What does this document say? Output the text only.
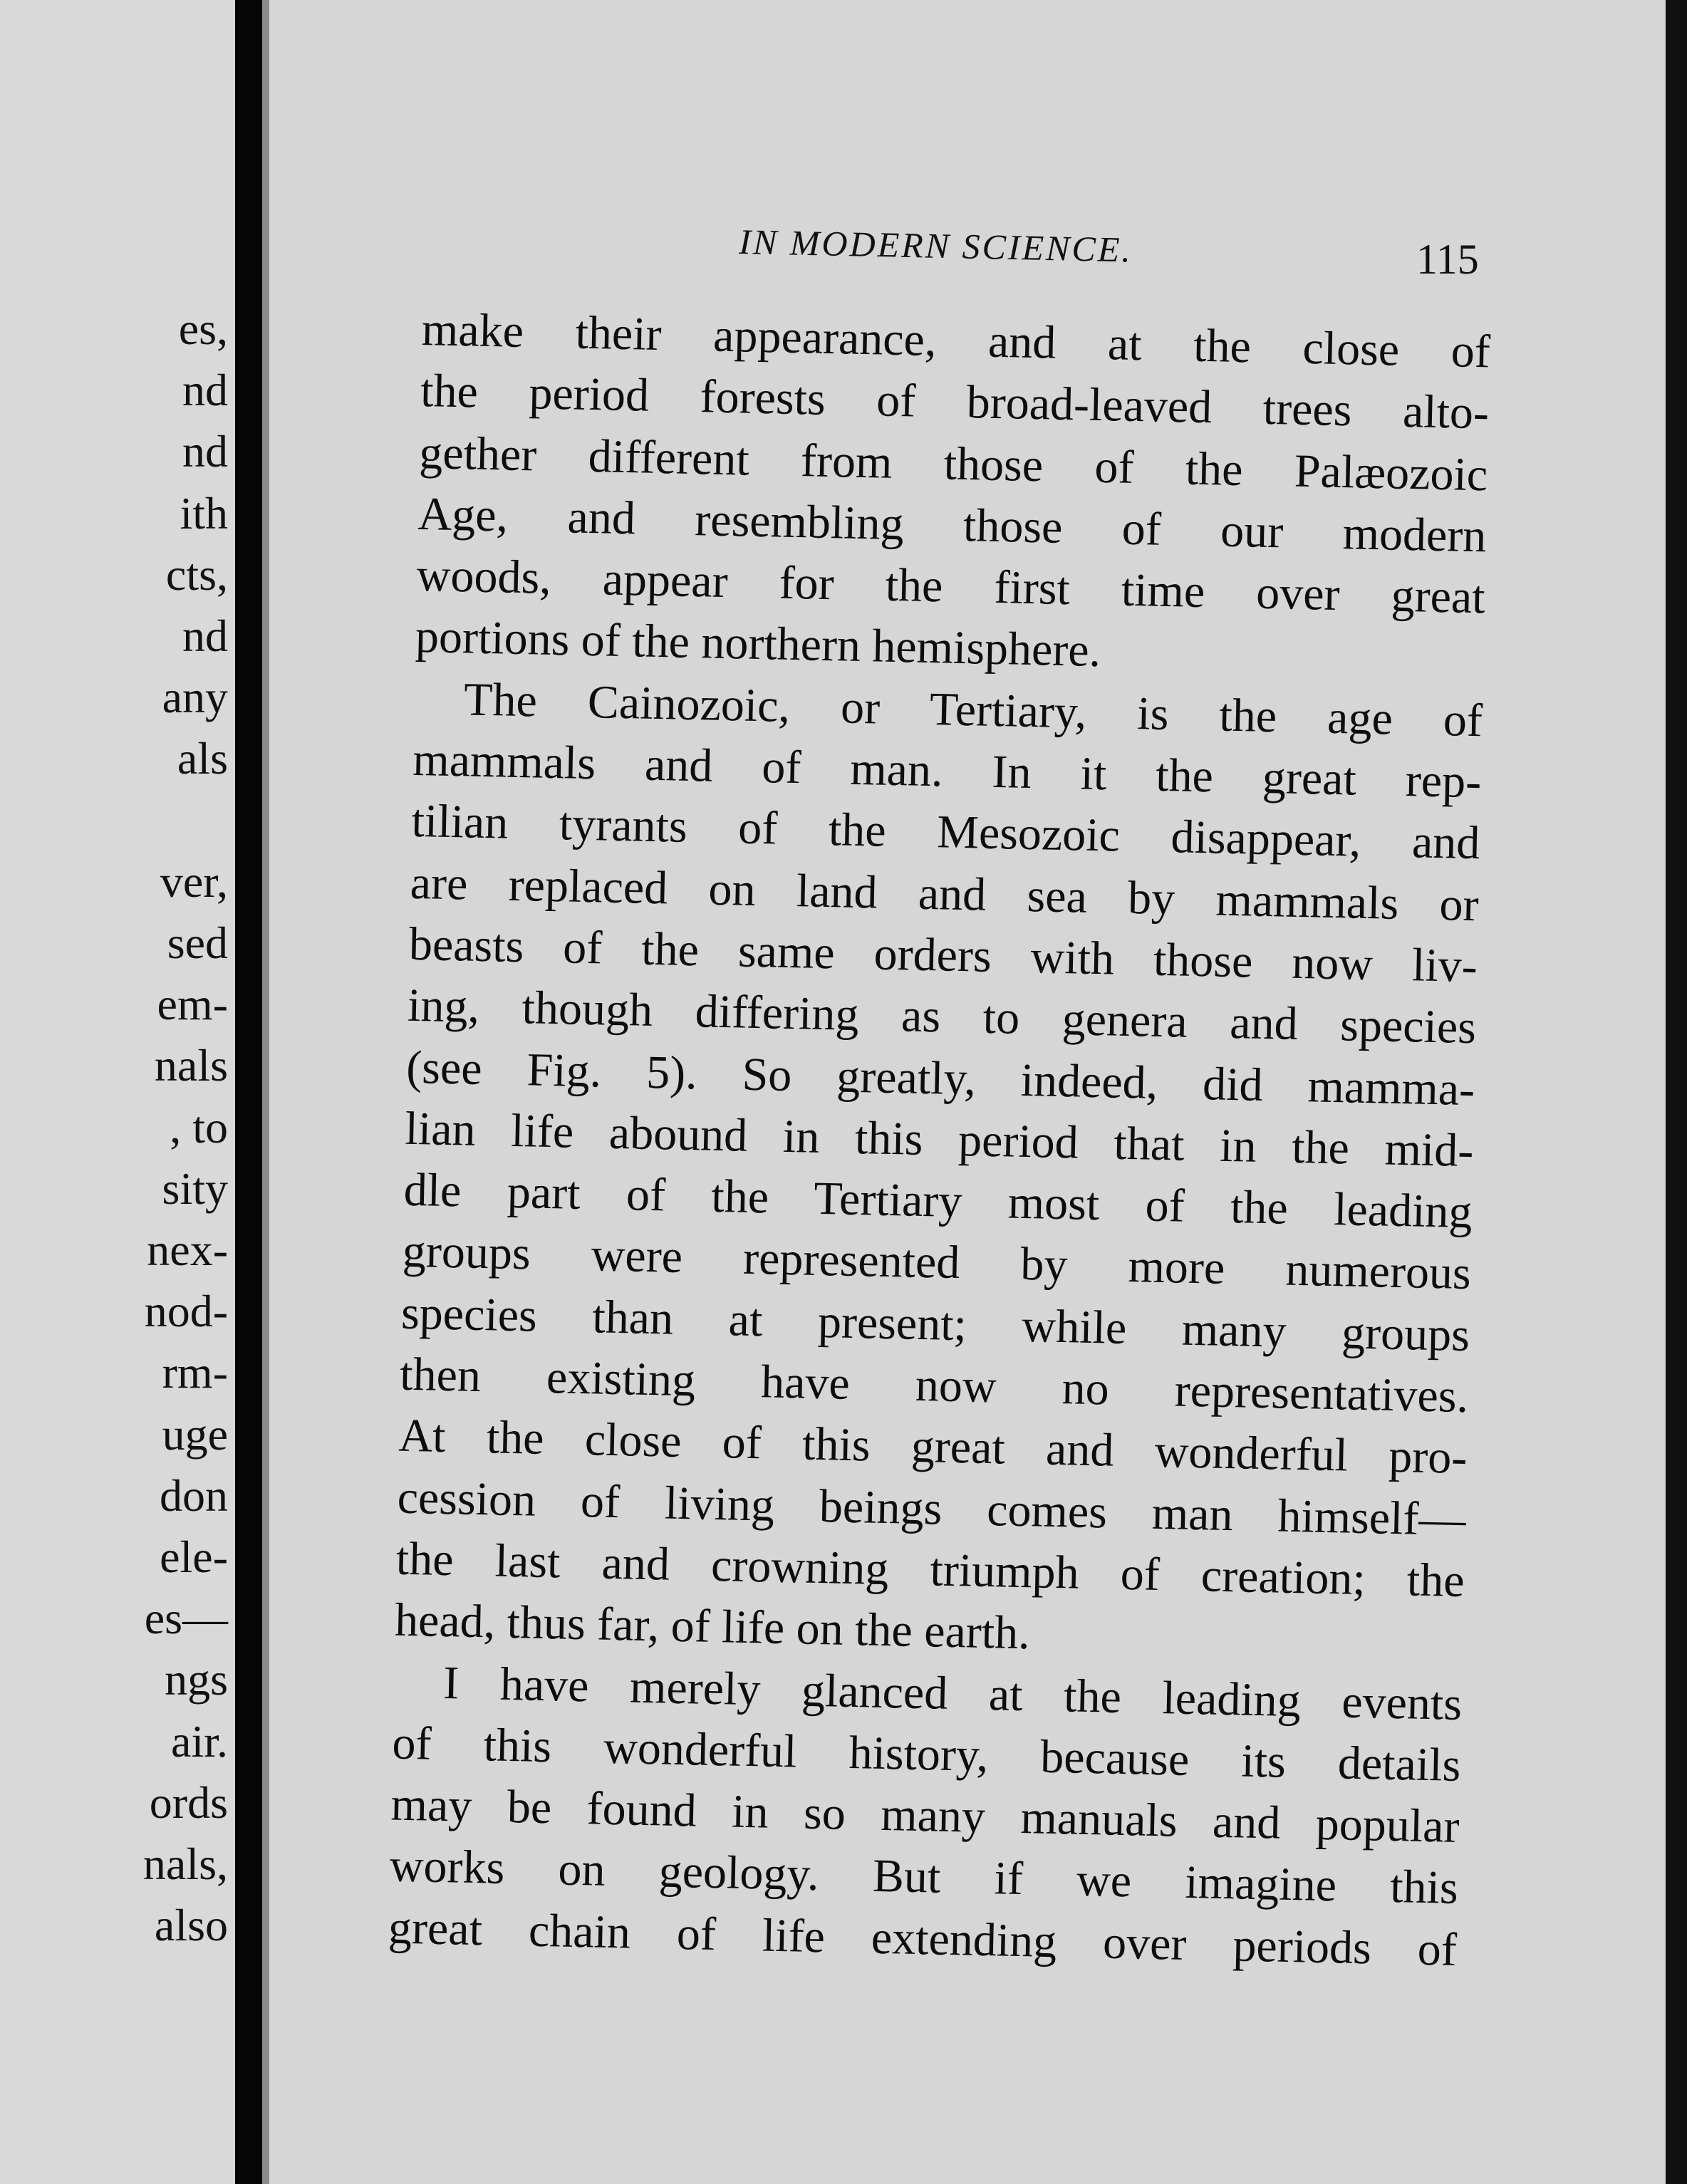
es,
nd
nd
ith
cts,
nd
any
als
ver,
sed
em-
nals
, to
sity
nex-
nod-
rm-
uge
don
ele-
es—
ngs
air.
ords
nals,
also
IN MODERN SCIENCE.	115
make their appearance, and at the close of
the period forests of broad-leaved trees alto-
gether different from those of the Palæozoic
Age, and resembling those of our modern
woods, appear for the first time over great
portions of the northern hemisphere.
The Cainozoic, or Tertiary, is the age of
mammals and of man. In it the great rep-
tilian tyrants of the Mesozoic disappear, and
are replaced on land and sea by mammals or
beasts of the same orders with those now liv-
ing, though differing as to genera and species
(see Fig. 5). So greatly, indeed, did mamma-
lian life abound in this period that in the mid-
dle part of the Tertiary most of the leading
groups were represented by more numerous
species than at present; while many groups
then existing have now no representatives.
At the close of this great and wonderful pro-
cession of living beings comes man himself—
the last and crowning triumph of creation; the
head, thus far, of life on the earth.
I have merely glanced at the leading events
of this wonderful history, because its details
may be found in so many manuals and popular
works on geology. But if we imagine this
great chain of life extending over periods of
